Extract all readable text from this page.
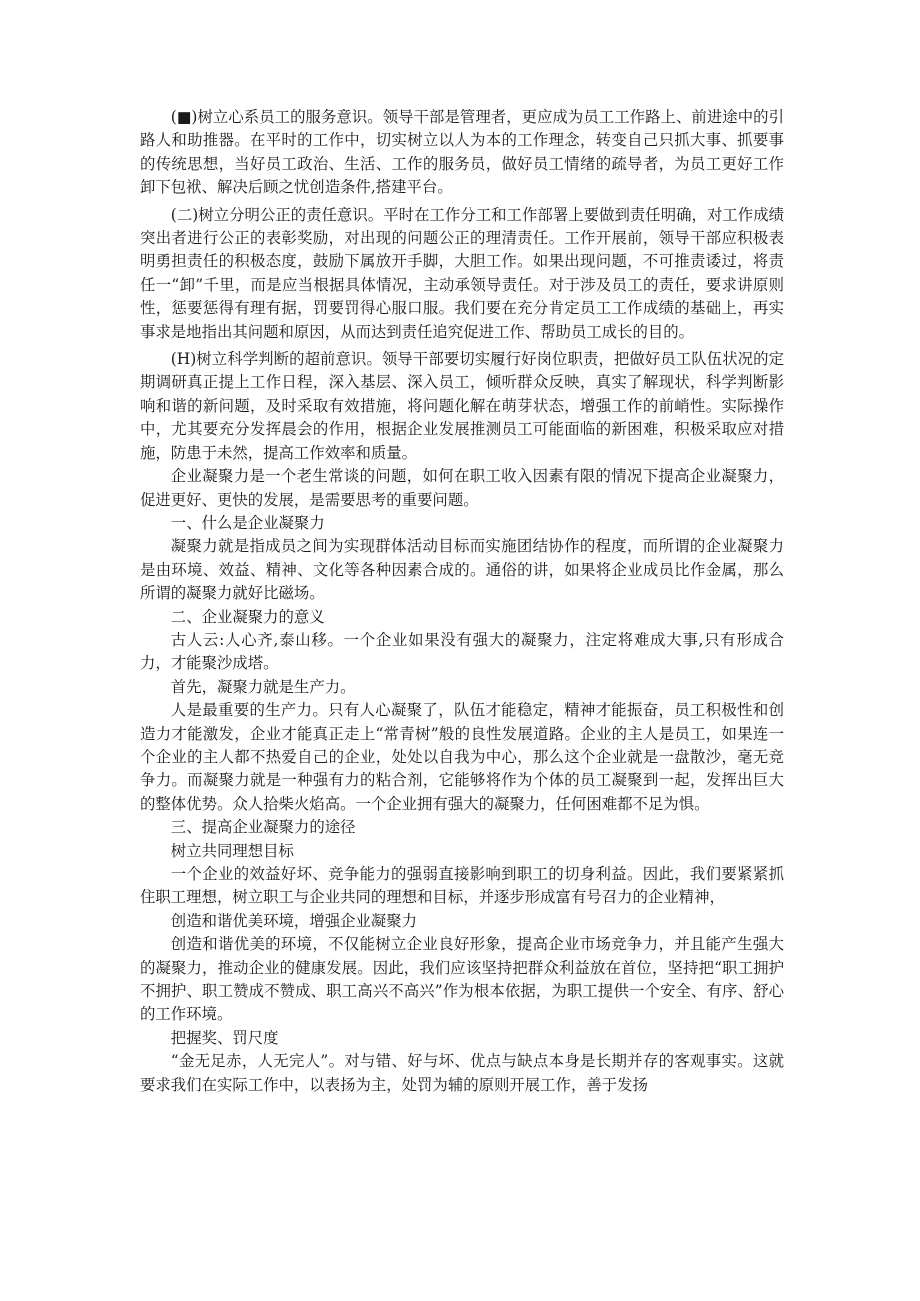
(■)树立心系员工的服务意识。领导干部是管理者，更应成为员工工作路上、前进途中的引路人和助推器。在平时的工作中，切实树立以人为本的工作理念，转变自己只抓大事、抓要事的传统思想，当好员工政治、生活、工作的服务员，做好员工情绪的疏导者，为员工更好工作卸下包袱、解决后顾之忧创造条件,搭建平台。

(二)树立分明公正的责任意识。平时在工作分工和工作部署上要做到责任明确，对工作成绩突出者进行公正的表彰奖励，对出现的问题公正的理清责任。工作开展前，领导干部应积极表明勇担责任的积极态度，鼓励下属放开手脚，大胆工作。如果出现问题，不可推责诿过，将责任一“卸”千里，而是应当根据具体情况，主动承领导责任。对于涉及员工的责任，要求讲原则性，惩要惩得有理有据，罚要罚得心服口服。我们要在充分肯定员工工作成绩的基础上，再实事求是地指出其问题和原因，从而达到责任追究促进工作、帮助员工成长的目的。

(H)树立科学判断的超前意识。领导干部要切实履行好岗位职责，把做好员工队伍状况的定期调研真正提上工作日程，深入基层、深入员工，倾听群众反映，真实了解现状，科学判断影响和谐的新问题，及时采取有效措施，将问题化解在萌芽状态，增强工作的前峭性。实际操作中，尤其要充分发挥晨会的作用，根据企业发展推测员工可能面临的新困难，积极采取应对措施，防患于未然，提高工作效率和质量。

企业凝聚力是一个老生常谈的问题，如何在职工收入因素有限的情况下提高企业凝聚力，促进更好、更快的发展，是需要思考的重要问题。

一、什么是企业凝聚力

凝聚力就是指成员之间为实现群体活动目标而实施团结协作的程度，而所谓的企业凝聚力是由环境、效益、精神、文化等各种因素合成的。通俗的讲，如果将企业成员比作金属，那么所谓的凝聚力就好比磁场。

二、企业凝聚力的意义

古人云:人心齐,泰山移。一个企业如果没有强大的凝聚力，注定将难成大事,只有形成合力，才能聚沙成塔。

首先，凝聚力就是生产力。

人是最重要的生产力。只有人心凝聚了，队伍才能稳定，精神才能振奋，员工积极性和创造力才能激发，企业才能真正走上“常青树”般的良性发展道路。企业的主人是员工，如果连一个企业的主人都不热爱自己的企业，处处以自我为中心，那么这个企业就是一盘散沙，毫无竞争力。而凝聚力就是一种强有力的粘合剂，它能够将作为个体的员工凝聚到一起，发挥出巨大的整体优势。众人拾柴火焰高。一个企业拥有强大的凝聚力，任何困难都不足为惧。

三、提高企业凝聚力的途径

树立共同理想目标

一个企业的效益好坏、竞争能力的强弱直接影响到职工的切身利益。因此，我们要紧紧抓住职工理想，树立职工与企业共同的理想和目标，并逐步形成富有号召力的企业精神，

创造和谐优美环境，增强企业凝聚力

创造和谐优美的环境，不仅能树立企业良好形象，提高企业市场竞争力，并且能产生强大的凝聚力，推动企业的健康发展。因此，我们应该坚持把群众利益放在首位，坚持把“职工拥护不拥护、职工赞成不赞成、职工高兴不高兴”作为根本依据，为职工提供一个安全、有序、舒心的工作环境。

把握奖、罚尺度

“金无足赤，人无完人”。对与错、好与坏、优点与缺点本身是长期并存的客观事实。这就要求我们在实际工作中，以表扬为主，处罚为辅的原则开展工作，善于发扬
